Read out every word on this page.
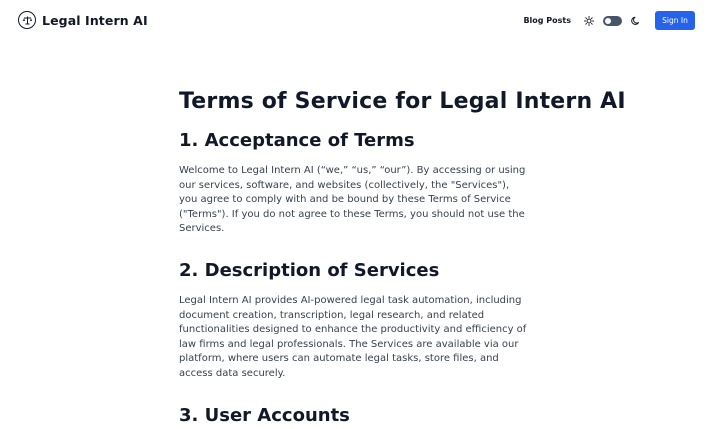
Legal Intern AI	Blog Posts	Sign In
Terms of Service for Legal Intern AI
1. Acceptance of Terms

Welcome to Legal Intern AI (“we,” “us,” “our”). By accessing or using our services, software, and websites (collectively, the "Services"), you agree to comply with and be bound by these Terms of Service ("Terms"). If you do not agree to these Terms, you should not use the Services.

2. Description of Services

Legal Intern AI provides AI-powered legal task automation, including document creation, transcription, legal research, and related functionalities designed to enhance the productivity and efficiency of law firms and legal professionals. The Services are available via our platform, where users can automate legal tasks, store files, and access data securely.

3. User Accounts
